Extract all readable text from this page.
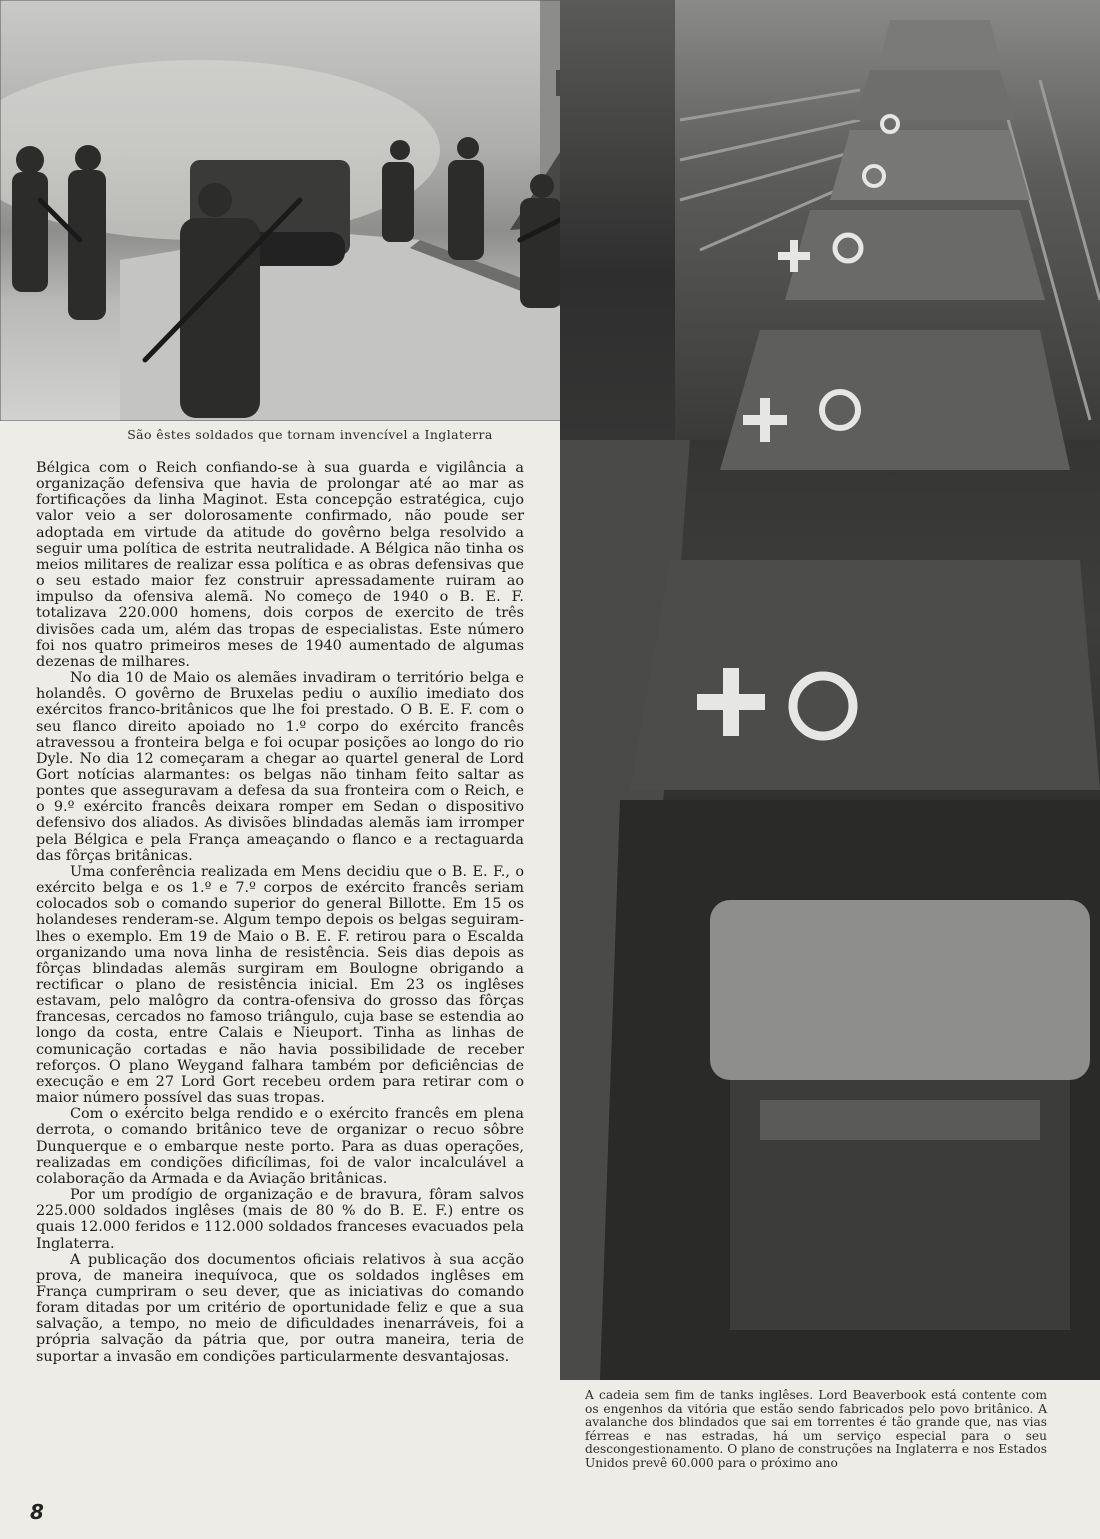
São êstes soldados que tornam invencível a Inglaterra
A cadeia sem fim de tanks inglêses. Lord Beaverbook está contente com os engenhos da vitória que estão sendo fabricados pelo povo britânico. A avalanche dos blindados que sai em torrentes é tão grande que, nas vias férreas e nas estradas, há um serviço especial para o seu descongestionamento. O plano de construções na Inglaterra e nos Estados Unidos prevê 60.000 para o próximo ano

Bélgica com o Reich confiando-se à sua guarda e vigilância a organização defensiva que havia de prolongar até ao mar as fortificações da linha Maginot. Esta concepção estratégica, cujo valor veio a ser dolorosamente confirmado, não poude ser adoptada em virtude da atitude do govêrno belga resolvido a seguir uma política de estrita neutralidade. A Bélgica não tinha os meios militares de realizar essa política e as obras defensivas que o seu estado maior fez construir apressadamente ruiram ao impulso da ofensiva alemã. No começo de 1940 o B. E. F. totalizava 220.000 homens, dois corpos de exercito de três divisões cada um, além das tropas de especialistas. Este número foi nos quatro primeiros meses de 1940 aumentado de algumas dezenas de milhares.

No dia 10 de Maio os alemães invadiram o território belga e holandês. O govêrno de Bruxelas pediu o auxílio imediato dos exércitos franco-britânicos que lhe foi prestado. O B. E. F. com o seu flanco direito apoiado no 1.º corpo do exército francês atravessou a fronteira belga e foi ocupar posições ao longo do rio Dyle. No dia 12 começaram a chegar ao quartel general de Lord Gort notícias alarmantes: os belgas não tinham feito saltar as pontes que asseguravam a defesa da sua fronteira com o Reich, e o 9.º exército francês deixara romper em Sedan o dispositivo defensivo dos aliados. As divisões blindadas alemãs iam irromper pela Bélgica e pela França ameaçando o flanco e a rectaguarda das fôrças britânicas.

Uma conferência realizada em Mens decidiu que o B. E. F., o exército belga e os 1.º e 7.º corpos de exército francês seriam colocados sob o comando superior do general Billotte. Em 15 os holandeses renderam-se. Algum tempo depois os belgas seguiram-lhes o exemplo. Em 19 de Maio o B. E. F. retirou para o Escalda organizando uma nova linha de resistência. Seis dias depois as fôrças blindadas alemãs surgiram em Boulogne obrigando a rectificar o plano de resistência inicial. Em 23 os inglêses estavam, pelo malôgro da contra-ofensiva do grosso das fôrças francesas, cercados no famoso triângulo, cuja base se estendia ao longo da costa, entre Calais e Nieuport. Tinha as linhas de comunicação cortadas e não havia possibilidade de receber reforços. O plano Weygand falhara também por deficiências de execução e em 27 Lord Gort recebeu ordem para retirar com o maior número possível das suas tropas.

Com o exército belga rendido e o exército francês em plena derrota, o comando britânico teve de organizar o recuo sôbre Dunquerque e o embarque neste porto. Para as duas operações, realizadas em condições dificílimas, foi de valor incalculável a colaboração da Armada e da Aviação britânicas.

Por um prodígio de organização e de bravura, fôram salvos 225.000 soldados inglêses (mais de 80 % do B. E. F.) entre os quais 12.000 feridos e 112.000 soldados franceses evacuados pela Inglaterra.

A publicação dos documentos oficiais relativos à sua acção prova, de maneira inequívoca, que os soldados inglêses em França cumpriram o seu dever, que as iniciativas do comando foram ditadas por um critério de oportunidade feliz e que a sua salvação, a tempo, no meio de dificuldades inenarráveis, foi a própria salvação da pátria que, por outra maneira, teria de suportar a invasão em condições particularmente desvantajosas.

8
